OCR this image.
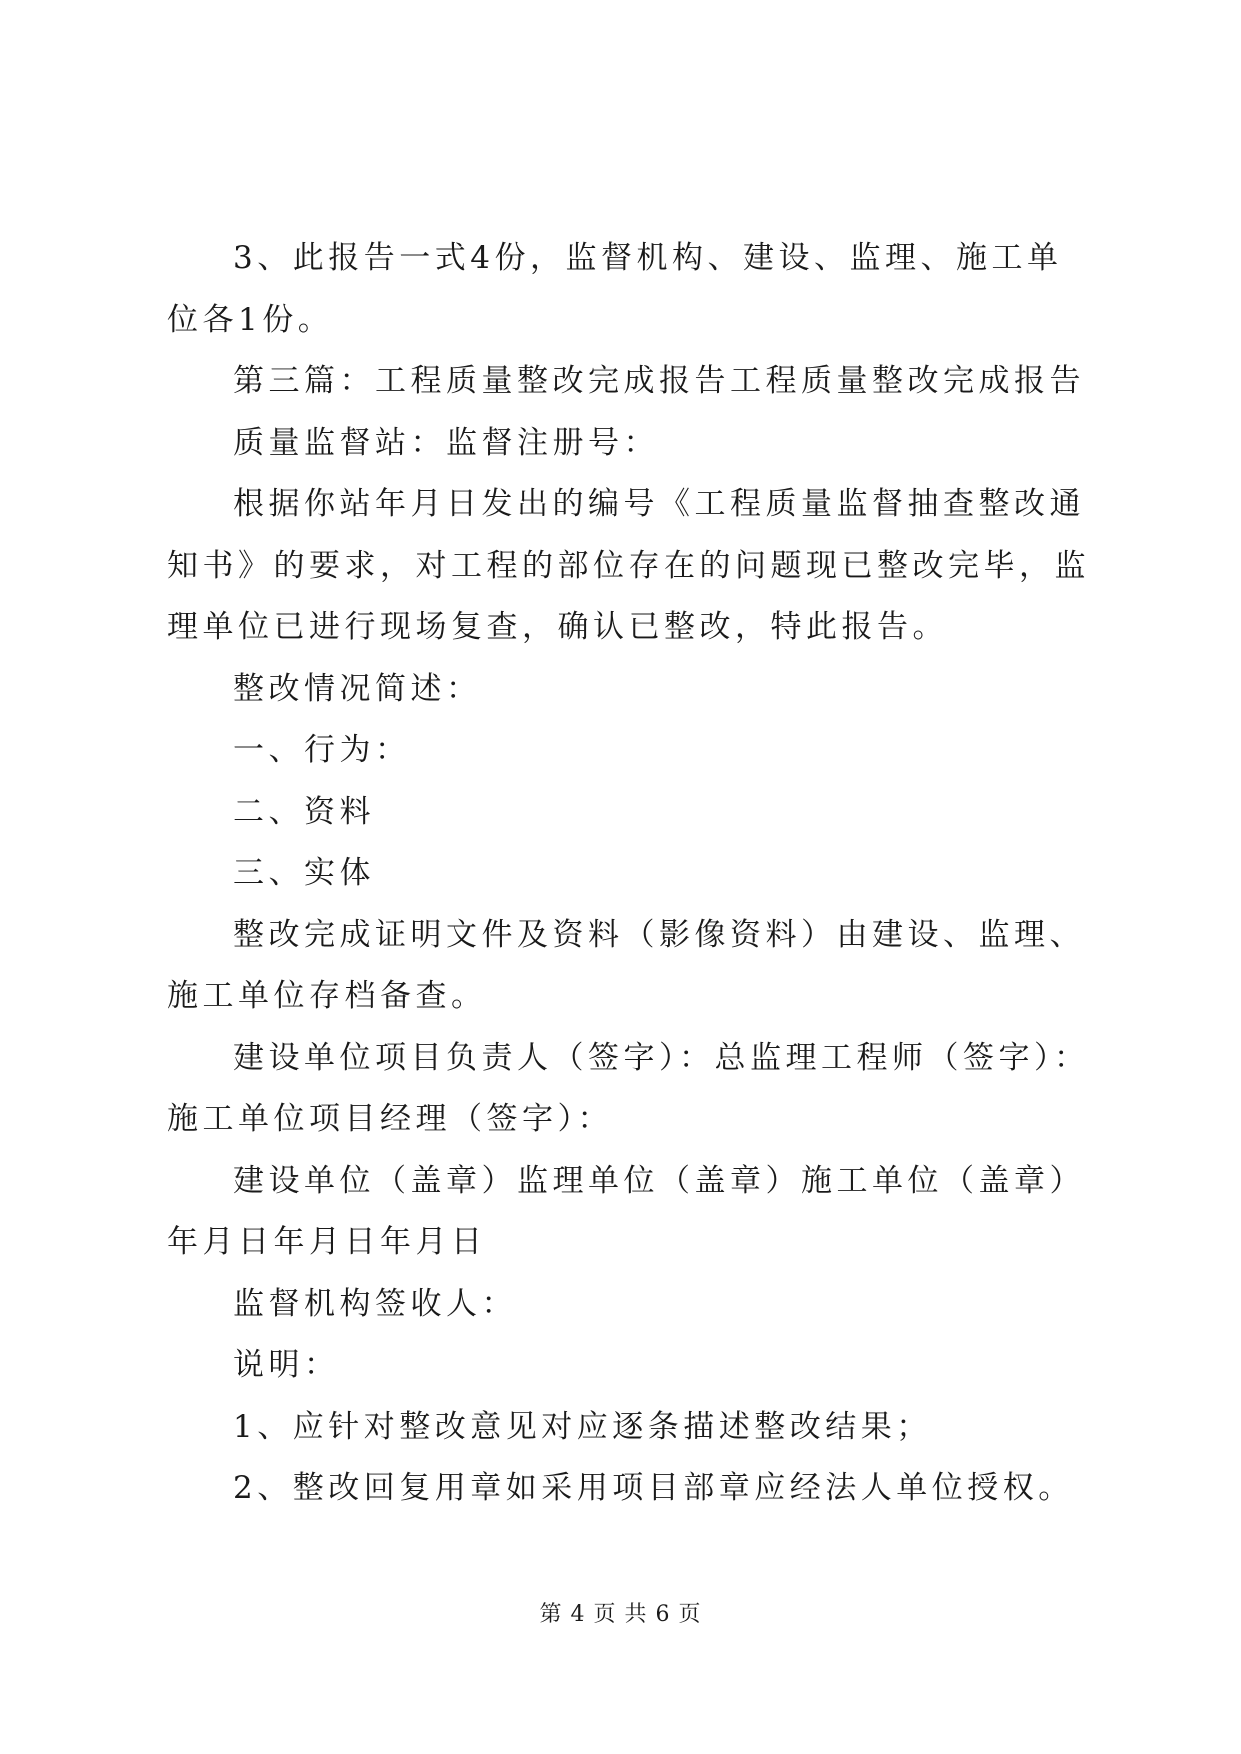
3、此报告一式4份，监督机构、建设、监理、施工单位各1份。

第三篇：工程质量整改完成报告工程质量整改完成报告

质量监督站：监督注册号：

根据你站年月日发出的编号《工程质量监督抽查整改通知书》的要求，对工程的部位存在的问题现已整改完毕，监理单位已进行现场复查，确认已整改，特此报告。

整改情况简述：

一、行为：

二、资料

三、实体

整改完成证明文件及资料（影像资料）由建设、监理、施工单位存档备查。

建设单位项目负责人（签字）：总监理工程师（签字）：施工单位项目经理（签字）：

建设单位（盖章）监理单位（盖章）施工单位（盖章）年月日年月日年月日

监督机构签收人：

说明：

1、应针对整改意见对应逐条描述整改结果；

2、整改回复用章如采用项目部章应经法人单位授权。

第 4 页 共 6 页
